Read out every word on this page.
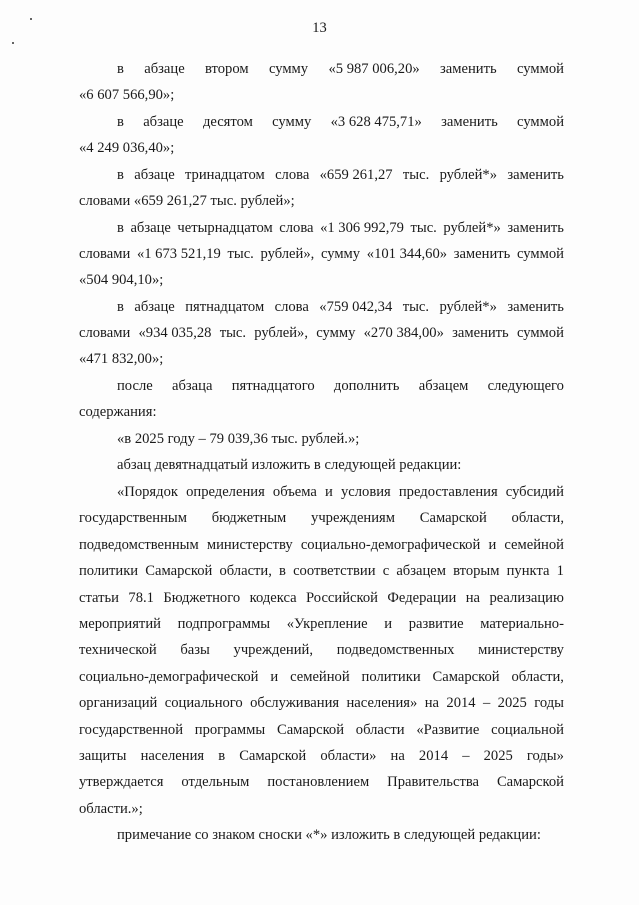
13
в абзаце втором сумму «5 987 006,20» заменить суммой
«6 607 566,90»;
в абзаце десятом сумму «3 628 475,71» заменить суммой
«4 249 036,40»;
в абзаце тринадцатом слова «659 261,27 тыс. рублей*» заменить
словами «659 261,27 тыс. рублей»;
в абзаце четырнадцатом слова «1 306 992,79 тыс. рублей*» заменить
словами «1 673 521,19 тыс. рублей», сумму «101 344,60» заменить суммой
«504 904,10»;
в абзаце пятнадцатом слова «759 042,34 тыс. рублей*» заменить
словами «934 035,28 тыс. рублей», сумму «270 384,00» заменить суммой
«471 832,00»;
после абзаца пятнадцатого дополнить абзацем следующего
содержания:
«в 2025 году – 79 039,36 тыс. рублей.»;
абзац девятнадцатый изложить в следующей редакции:
«Порядок определения объема и условия предоставления субсидий
государственным бюджетным учреждениям Самарской области,
подведомственным министерству социально-демографической и семейной
политики Самарской области, в соответствии с абзацем вторым пункта 1
статьи 78.1 Бюджетного кодекса Российской Федерации на реализацию
мероприятий подпрограммы «Укрепление и развитие материально-
технической базы учреждений, подведомственных министерству
социально-демографической и семейной политики Самарской области,
организаций социального обслуживания населения» на 2014 – 2025 годы
государственной программы Самарской области «Развитие социальной
защиты населения в Самарской области» на 2014 – 2025 годы»
утверждается отдельным постановлением Правительства Самарской
области.»;
примечание со знаком сноски «*» изложить в следующей редакции:
